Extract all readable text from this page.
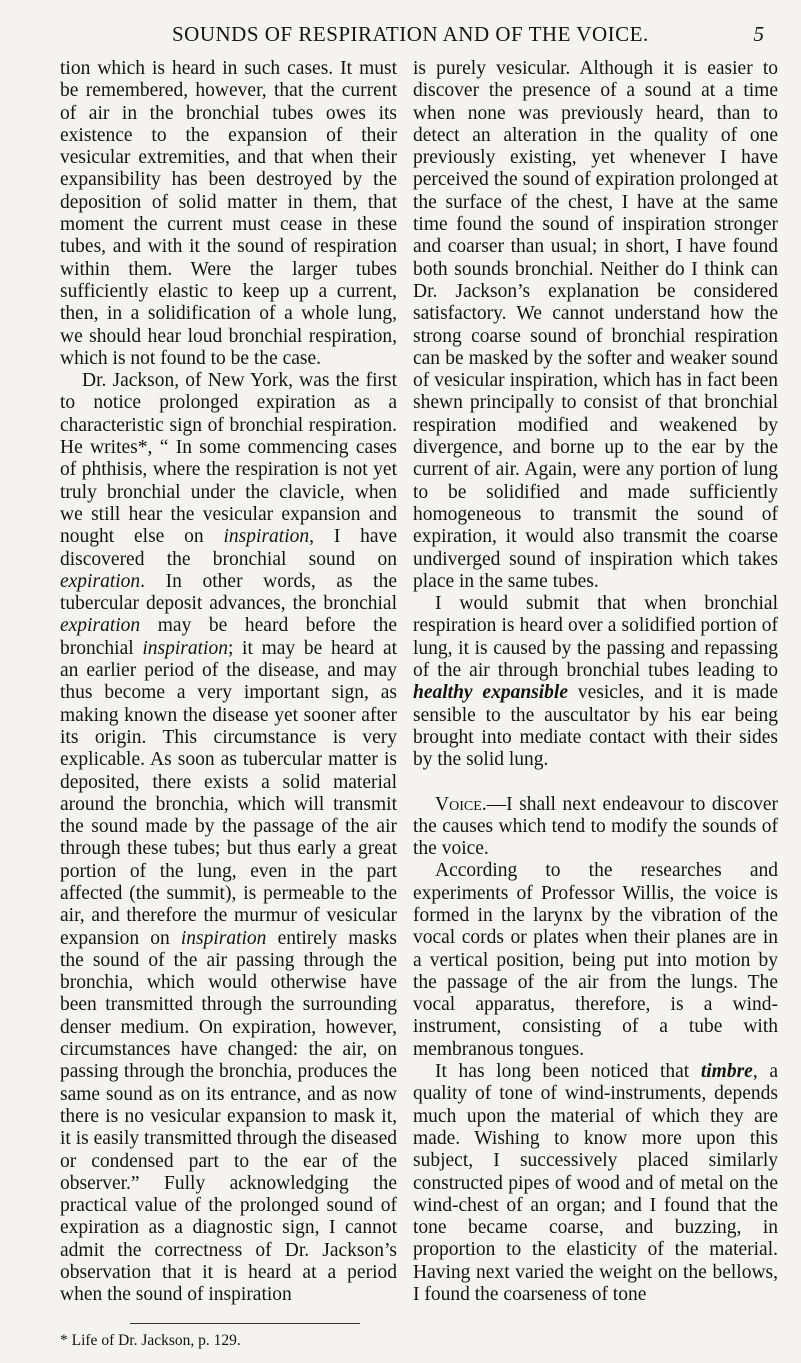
SOUNDS OF RESPIRATION AND OF THE VOICE.	5

tion which is heard in such cases. It must be remembered, however, that the current of air in the bronchial tubes owes its existence to the expansion of their vesicular extremities, and that when their expansibility has been destroyed by the deposition of solid matter in them, that moment the current must cease in these tubes, and with it the sound of respiration within them. Were the larger tubes sufficiently elastic to keep up a current, then, in a solidification of a whole lung, we should hear loud bronchial respiration, which is not found to be the case.

Dr. Jackson, of New York, was the first to notice prolonged expiration as a characteristic sign of bronchial respiration. He writes*, “ In some commencing cases of phthisis, where the respiration is not yet truly bronchial under the clavicle, when we still hear the vesicular expansion and nought else on inspiration, I have discovered the bronchial sound on expiration. In other words, as the tubercular deposit advances, the bronchial expiration may be heard before the bronchial inspiration; it may be heard at an earlier period of the disease, and may thus become a very important sign, as making known the disease yet sooner after its origin. This circumstance is very explicable. As soon as tubercular matter is deposited, there exists a solid material around the bronchia, which will transmit the sound made by the passage of the air through these tubes; but thus early a great portion of the lung, even in the part affected (the summit), is permeable to the air, and therefore the murmur of vesicular expansion on inspiration entirely masks the sound of the air passing through the bronchia, which would otherwise have been transmitted through the surrounding denser medium. On expiration, however, circumstances have changed: the air, on passing through the bronchia, produces the same sound as on its entrance, and as now there is no vesicular expansion to mask it, it is easily transmitted through the diseased or condensed part to the ear of the observer.” Fully acknowledging the practical value of the prolonged sound of expiration as a diagnostic sign, I cannot admit the correctness of Dr. Jackson’s observation that it is heard at a period when the sound of inspiration

* Life of Dr. Jackson, p. 129.

is purely vesicular. Although it is easier to discover the presence of a sound at a time when none was previously heard, than to detect an alteration in the quality of one previously existing, yet whenever I have perceived the sound of expiration prolonged at the surface of the chest, I have at the same time found the sound of inspiration stronger and coarser than usual; in short, I have found both sounds bronchial. Neither do I think can Dr. Jackson’s explanation be considered satisfactory. We cannot understand how the strong coarse sound of bronchial respiration can be masked by the softer and weaker sound of vesicular inspiration, which has in fact been shewn principally to consist of that bronchial respiration modified and weakened by divergence, and borne up to the ear by the current of air. Again, were any portion of lung to be solidified and made sufficiently homogeneous to transmit the sound of expiration, it would also transmit the coarse undiverged sound of inspiration which takes place in the same tubes.

I would submit that when bronchial respiration is heard over a solidified portion of lung, it is caused by the passing and repassing of the air through bronchial tubes leading to healthy expansible vesicles, and it is made sensible to the auscultator by his ear being brought into mediate contact with their sides by the solid lung.

Voice.—I shall next endeavour to discover the causes which tend to modify the sounds of the voice.

According to the researches and experiments of Professor Willis, the voice is formed in the larynx by the vibration of the vocal cords or plates when their planes are in a vertical position, being put into motion by the passage of the air from the lungs. The vocal apparatus, therefore, is a wind-instrument, consisting of a tube with membranous tongues.

It has long been noticed that timbre, a quality of tone of wind-instruments, depends much upon the material of which they are made. Wishing to know more upon this subject, I successively placed similarly constructed pipes of wood and of metal on the wind-chest of an organ; and I found that the tone became coarse, and buzzing, in proportion to the elasticity of the material. Having next varied the weight on the bellows, I found the coarseness of tone
